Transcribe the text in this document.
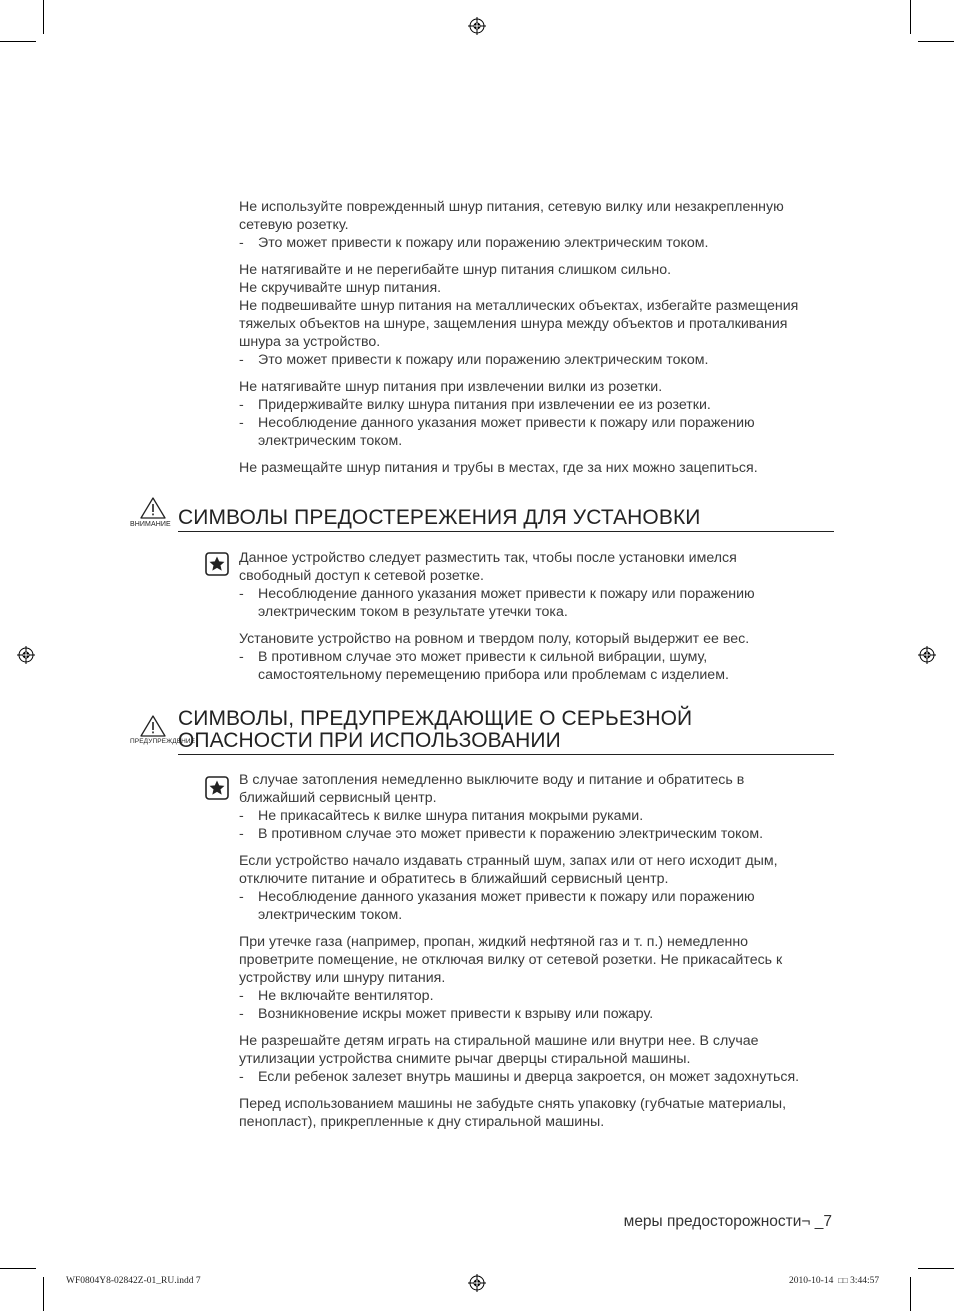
Не используйте поврежденный шнур питания, сетевую вилку или незакрепленную
сетевую розетку.
-	Это может привести к пожару или поражению электрическим током.
Не натягивайте и не перегибайте шнур питания слишком сильно.
Не скручивайте шнур питания.
Не подвешивайте шнур питания на металлических объектах, избегайте размещения
тяжелых объектов на шнуре, защемления шнура между объектов и проталкивания
шнура за устройство.
-	Это может привести к пожару или поражению электрическим током.
Не натягивайте шнур питания при извлечении вилки из розетки.
-	Придерживайте вилку шнура питания при извлечении ее из розетки.
-	Несоблюдение данного указания может привести к пожару или поражению
электрическим током.
Не размещайте шнур питания и трубы в местах, где за них можно зацепиться.
ВНИМАНИЕ СИМВОЛЫ ПРЕДОСТЕРЕЖЕНИЯ ДЛЯ УСТАНОВКИ
Данное устройство следует разместить так, чтобы после установки имелся
свободный доступ к сетевой розетке.
-	Несоблюдение данного указания может привести к пожару или поражению
электрическим током в результате утечки тока.
Установите устройство на ровном и твердом полу, который выдержит ее вес.
-	В противном случае это может привести к сильной вибрации, шуму,
самостоятельному перемещению прибора или проблемам с изделием.
ПРЕДУПРЕЖДЕНИЕ
СИМВОЛЫ, ПРЕДУПРЕЖДАЮЩИЕ О СЕРЬЕЗНОЙ
ОПАСНОСТИ ПРИ ИСПОЛЬЗОВАНИИ
В случае затопления немедленно выключите воду и питание и обратитесь в
ближайший сервисный центр.
-	Не прикасайтесь к вилке шнура питания мокрыми руками.
-	В противном случае это может привести к поражению электрическим током.
Если устройство начало издавать странный шум, запах или от него исходит дым,
отключите питание и обратитесь в ближайший сервисный центр.
-	Несоблюдение данного указания может привести к пожару или поражению
электрическим током.
При утечке газа (например, пропан, жидкий нефтяной газ и т. п.) немедленно
проветрите помещение, не отключая вилку от сетевой розетки. Не прикасайтесь к
устройству или шнуру питания.
-	Не включайте вентилятор.
-	Возникновение искры может привести к взрыву или пожару.
Не разрешайте детям играть на стиральной машине или внутри нее. В случае
утилизации устройства снимите рычаг дверцы стиральной машины.
-	Если ребенок залезет внутрь машины и дверца закроется, он может задохнуться.
Перед использованием машины не забудьте снять упаковку (губчатые материалы,
пенопласт), прикрепленные к дну стиральной машины.
меры предосторожности¬ _7
WF0804Y8-02842Z-01_RU.indd 7	2010-10-14 □□ 3:44:57
